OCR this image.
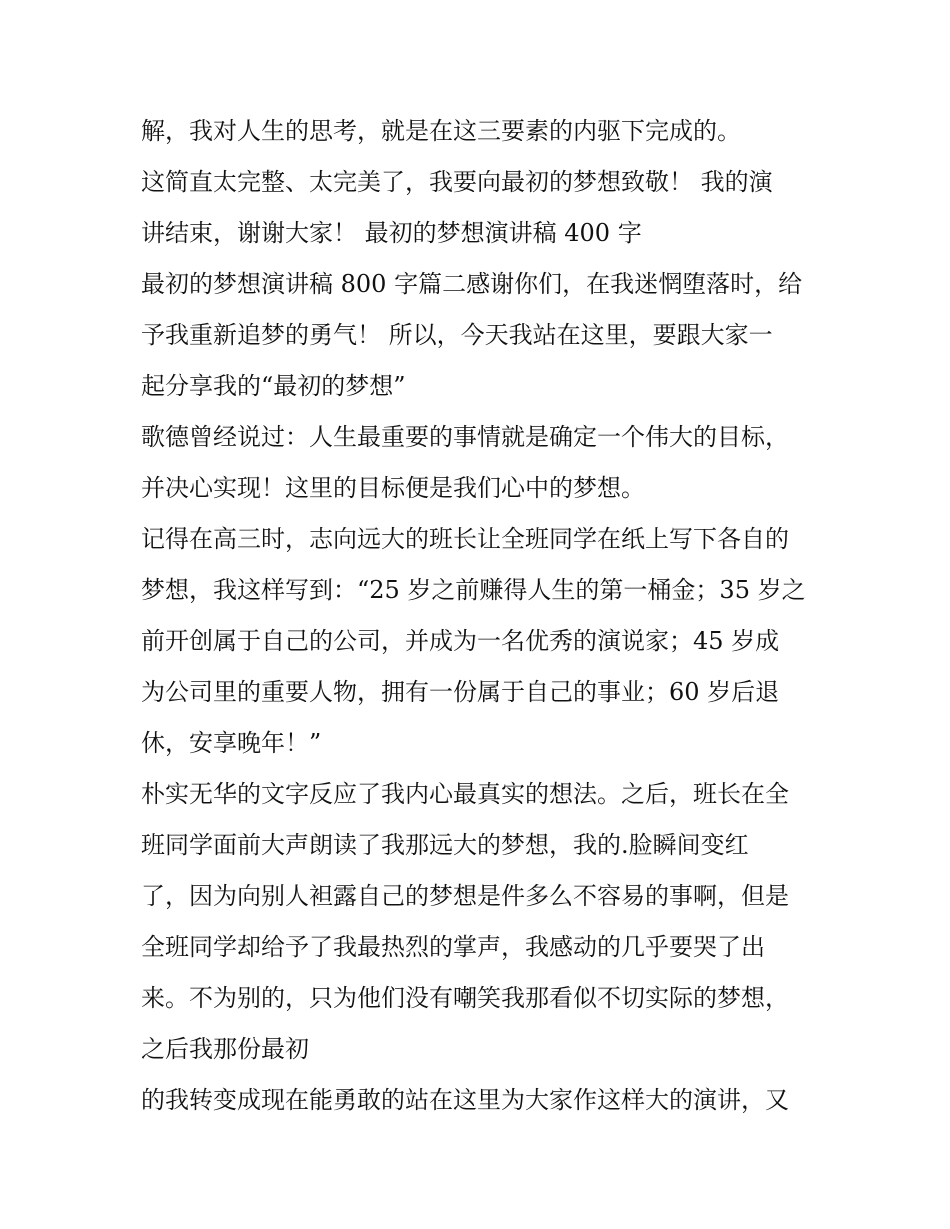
解，我对人生的思考，就是在这三要素的内驱下完成的。
这简直太完整、太完美了，我要向最初的梦想致敬！ 我的演
讲结束，谢谢大家！ 最初的梦想演讲稿 400 字
最初的梦想演讲稿 800 字篇二感谢你们，在我迷惘堕落时，给
予我重新追梦的勇气！ 所以，今天我站在这里，要跟大家一
起分享我的“最初的梦想”
歌德曾经说过：人生最重要的事情就是确定一个伟大的目标，
并决心实现！这里的目标便是我们心中的梦想。
记得在高三时，志向远大的班长让全班同学在纸上写下各自的
梦想，我这样写到：“25 岁之前赚得人生的第一桶金；35 岁之
前开创属于自己的公司，并成为一名优秀的演说家；45 岁成
为公司里的重要人物，拥有一份属于自己的事业；60 岁后退
休，安享晚年！”
朴实无华的文字反应了我内心最真实的想法。之后，班长在全
班同学面前大声朗读了我那远大的梦想，我的.脸瞬间变红
了，因为向别人袒露自己的梦想是件多么不容易的事啊，但是
全班同学却给予了我最热烈的掌声，我感动的几乎要哭了出
来。不为别的，只为他们没有嘲笑我那看似不切实际的梦想，
之后我那份最初
的我转变成现在能勇敢的站在这里为大家作这样大的演讲，又
